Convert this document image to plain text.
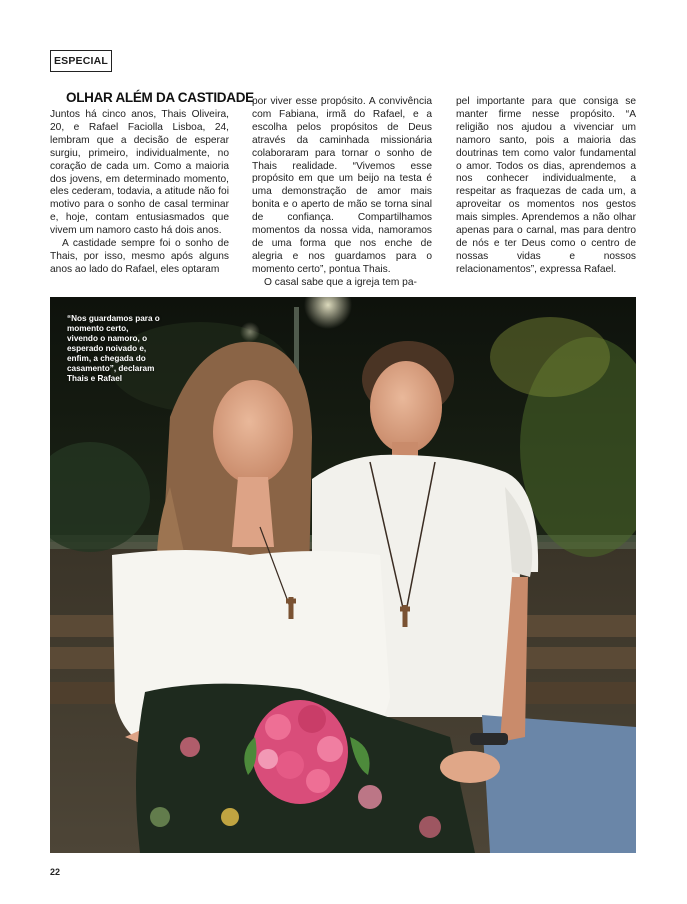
ESPECIAL
OLHAR ALÉM DA CASTIDADE

Juntos há cinco anos, Thais Oliveira, 20, e Rafael Faciolla Lisboa, 24, lembram que a decisão de esperar surgiu, primeiro, individualmente, no coração de cada um. Como a maioria dos jovens, em determinado momento, eles cederam, todavia, a atitude não foi motivo para o sonho de casal terminar e, hoje, contam entusiasmados que vivem um namoro casto há dois anos.

A castidade sempre foi o sonho de Thais, por isso, mesmo após alguns anos ao lado do Rafael, eles optaram

por viver esse propósito. A convivência com Fabiana, irmã do Rafael, e a escolha pelos propósitos de Deus através da caminhada missionária colaboraram para tornar o sonho de Thais realidade. “Vivemos esse propósito em que um beijo na testa é uma demonstração de amor mais bonita e o aperto de mão se torna sinal de confiança. Compartilhamos momentos da nossa vida, namoramos de uma forma que nos enche de alegria e nos guardamos para o momento certo”, pontua Thais.

O casal sabe que a igreja tem pa-

pel importante para que consiga se manter firme nesse propósito. “A religião nos ajudou a vivenciar um namoro santo, pois a maioria das doutrinas tem como valor fundamental o amor. Todos os dias, aprendemos a nos conhecer individualmente, a respeitar as fraquezas de cada um, a aproveitar os momentos nos gestos mais simples. Aprendemos a não olhar apenas para o carnal, mas para dentro de nós e ter Deus como o centro de nossas vidas e nossos relacionamentos”, expressa Rafael.

“Nos guardamos para o momento certo, vivendo o namoro, o esperado noivado e, enfim, a chegada do casamento”, declaram Thais e Rafael
22
